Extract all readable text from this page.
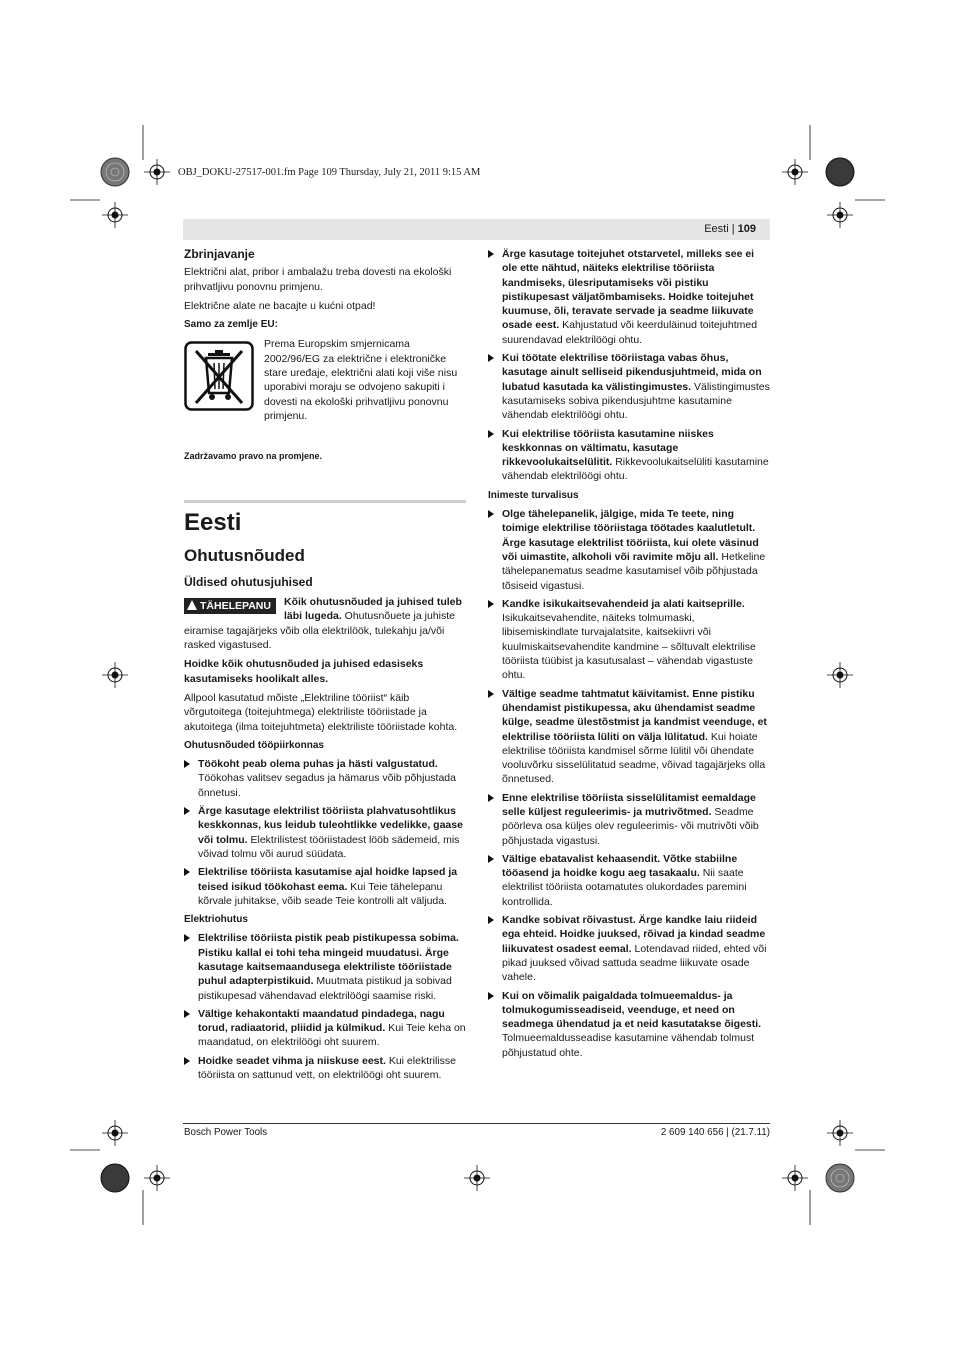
OBJ_DOKU-27517-001.fm Page 109 Thursday, July 21, 2011 9:15 AM
Eesti | 109
Zbrinjavanje

Električni alat, pribor i ambalažu treba dovesti na ekološki prihvatljivu ponovnu primjenu.

Električne alate ne bacajte u kućni otpad!

Samo za zemlje EU:

Prema Europskim smjernicama 2002/96/EG za električne i elektroničke stare uređaje, električni alati koji više nisu uporabivi moraju se odvojeno sakupiti i dovesti na ekološki prihvatljivu ponovnu primjenu.

Zadržavamo pravo na promjene.

Eesti
Ohutusnõuded
Üldised ohutusjuhised

TÄHELEPANU	Kõik ohutusnõuded ja juhised tuleb läbi lugeda. Ohutusnõuete ja juhiste eiramise tagajärjeks võib olla elektrilöök, tulekahju ja/või rasked vigastused.

Hoidke kõik ohutusnõuded ja juhised edasiseks kasutamiseks hoolikalt alles.

Allpool kasutatud mõiste „Elektriline tööriist“ käib võrgutoitega (toitejuhtmega) elektriliste tööriistade ja akutoitega (ilma toitejuhtmeta) elektriliste tööriistade kohta.

Ohutusnõuded tööpiirkonnas
Töökoht peab olema puhas ja hästi valgustatud. Töökohas valitsev segadus ja hämarus võib põhjustada õnnetusi.
Ärge kasutage elektrilist tööriista plahvatusohtlikus keskkonnas, kus leidub tuleohtlikke vedelikke, gaase või tolmu. Elektrilistest tööriistadest lööb sädemeid, mis võivad tolmu või aurud süüdata.
Elektrilise tööriista kasutamise ajal hoidke lapsed ja teised isikud töökohast eema. Kui Teie tähelepanu kõrvale juhitakse, võib seade Teie kontrolli alt väljuda.
Elektriohutus
Elektrilise tööriista pistik peab pistikupessa sobima. Pistiku kallal ei tohi teha mingeid muudatusi. Ärge kasutage kaitsemaandusega elektriliste tööriistade puhul adapterpistikuid. Muutmata pistikud ja sobivad pistikupesad vähendavad elektrilöögi saamise riski.
Vältige kehakontakti maandatud pindadega, nagu torud, radiaatorid, pliidid ja külmikud. Kui Teie keha on maandatud, on elektrilöögi oht suurem.
Hoidke seadet vihma ja niiskuse eest. Kui elektrilisse tööriista on sattunud vett, on elektrilöögi oht suurem.
Ärge kasutage toitejuhet otstarvetel, milleks see ei ole ette nähtud, näiteks elektrilise tööriista kandmiseks, ülesriputamiseks või pistiku pistikupesast väljatõmbamiseks. Hoidke toitejuhet kuumuse, õli, teravate servade ja seadme liikuvate osade eest. Kahjustatud või keerduläinud toitejuhtmed suurendavad elektrilöögi ohtu.
Kui töötate elektrilise tööriistaga vabas õhus, kasutage ainult selliseid pikendusjuhtmeid, mida on lubatud kasutada ka välistingimustes. Välistingimustes kasutamiseks sobiva pikendusjuhtme kasutamine vähendab elektrilöögi ohtu.
Kui elektrilise tööriista kasutamine niiskes keskkonnas on vältimatu, kasutage rikkevoolukaitselülitit. Rikkevoolukaitselüliti kasutamine vähendab elektrilöögi ohtu.
Inimeste turvalisus
Olge tähelepanelik, jälgige, mida Te teete, ning toimige elektrilise tööriistaga töötades kaalutletult. Ärge kasutage elektrilist tööriista, kui olete väsinud või uimastite, alkoholi või ravimite mõju all. Hetkeline tähelepanematus seadme kasutamisel võib põhjustada tõsiseid vigastusi.
Kandke isikukaitsevahendeid ja alati kaitseprille. Isikukaitsevahendite, näiteks tolmumaski, libisemiskindlate turvajalatsite, kaitsekiivri või kuulmiskaitsevahendite kandmine – sõltuvalt elektrilise tööriista tüübist ja kasutusalast – vähendab vigastuste ohtu.
Vältige seadme tahtmatut käivitamist. Enne pistiku ühendamist pistikupessa, aku ühendamist seadme külge, seadme ülestõstmist ja kandmist veenduge, et elektrilise tööriista lüliti on välja lülitatud. Kui hoiate elektrilise tööriista kandmisel sõrme lülitil või ühendate vooluvõrku sisselülitatud seadme, võivad tagajärjeks olla õnnetused.
Enne elektrilise tööriista sisselülitamist eemaldage selle küljest reguleerimis- ja mutrivõtmed. Seadme pöörleva osa küljes olev reguleerimis- või mutrivõti võib põhjustada vigastusi.
Vältige ebatavalist kehaasendit. Võtke stabiilne tööasend ja hoidke kogu aeg tasakaalu. Nii saate elektrilist tööriista ootamatutes olukordades paremini kontrollida.
Kandke sobivat rõivastust. Ärge kandke laiu riideid ega ehteid. Hoidke juuksed, rõivad ja kindad seadme liikuvatest osadest eemal. Lotendavad riided, ehted või pikad juuksed võivad sattuda seadme liikuvate osade vahele.
Kui on võimalik paigaldada tolmueemaldus- ja tolmukogumisseadiseid, veenduge, et need on seadmega ühendatud ja et neid kasutatakse õigesti. Tolmueemaldusseadise kasutamine vähendab tolmust põhjustatud ohte.
Bosch Power Tools	2 609 140 656 | (21.7.11)
